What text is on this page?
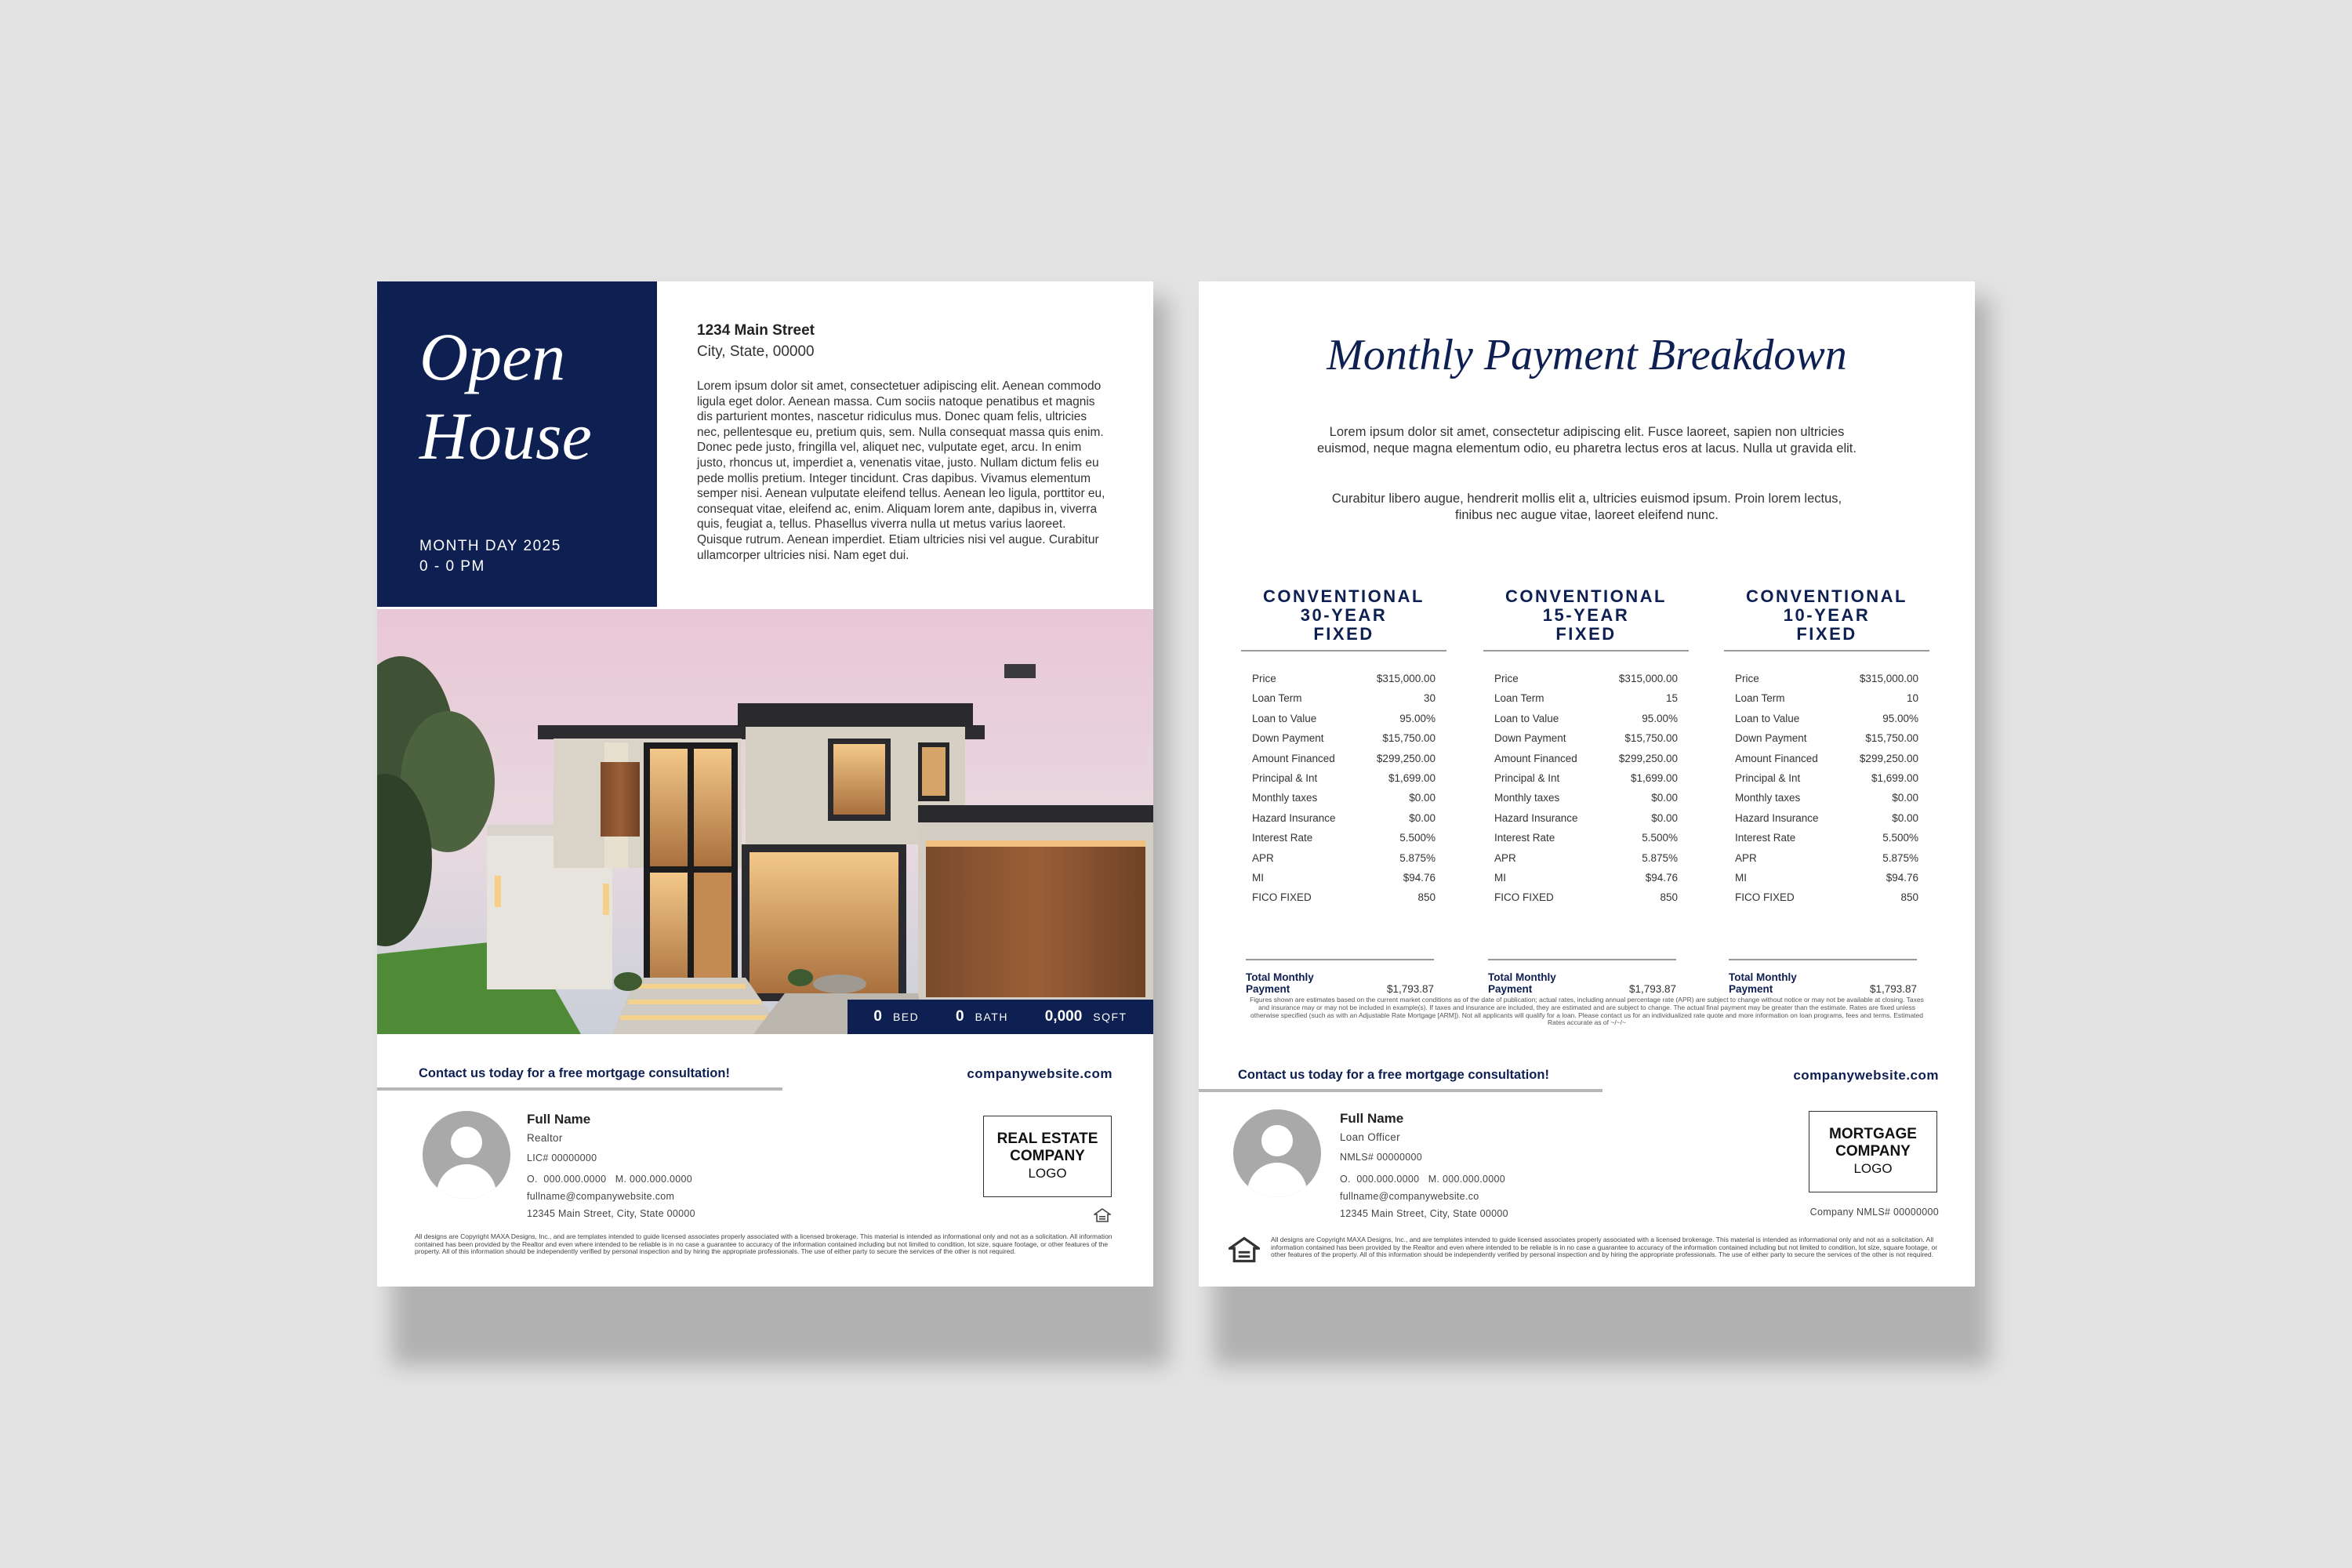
Open
House
MONTH DAY 2025
0 - 0 PM
1234 Main Street
City, State, 00000

Lorem ipsum dolor sit amet, consectetuer adipiscing elit. Aenean commodo ligula eget dolor. Aenean massa. Cum sociis natoque penatibus et magnis dis parturient montes, nascetur ridiculus mus. Donec quam felis, ultricies nec, pellentesque eu, pretium quis, sem. Nulla consequat massa quis enim. Donec pede justo, fringilla vel, aliquet nec, vulputate eget, arcu. In enim justo, rhoncus ut, imperdiet a, venenatis vitae, justo. Nullam dictum felis eu pede mollis pretium. Integer tincidunt. Cras dapibus. Vivamus elementum semper nisi. Aenean vulputate eleifend tellus. Aenean leo ligula, porttitor eu, consequat vitae, eleifend ac, enim. Aliquam lorem ante, dapibus in, viverra quis, feugiat a, tellus. Phasellus viverra nulla ut metus varius laoreet. Quisque rutrum. Aenean imperdiet. Etiam ultricies nisi vel augue. Curabitur ullamcorper ultricies nisi. Nam eget dui.

0 BED 0 BATH 0,000 SQFT
Contact us today for a free mortgage consultation!	companywebsite.com
Full Name
Realtor
LIC# 00000000
O.  000.000.0000   M. 000.000.0000
fullname@companywebsite.com
12345 Main Street, City, State 00000
REAL ESTATE
COMPANY
LOGO

All designs are Copyright MAXA Designs, Inc., and are templates intended to guide licensed associates properly associated with a licensed brokerage. This material is intended as informational only and not as a solicitation. All information contained has been provided by the Realtor and even where intended to be reliable is in no case a guarantee to accuracy of the information contained including but not limited to condition, lot size, square footage, or other features of the property. All of this information should be independently verified by personal inspection and by hiring the appropriate professionals. The use of either party to secure the services of the other is not required.

Monthly Payment Breakdown

Lorem ipsum dolor sit amet, consectetur adipiscing elit. Fusce laoreet, sapien non ultricies euismod, neque magna elementum odio, eu pharetra lectus eros at lacus. Nulla ut gravida elit.

Curabitur libero augue, hendrerit mollis elit a, ultricies euismod ipsum. Proin lorem lectus, finibus nec augue vitae, laoreet eleifend nunc.

CONVENTIONAL
30-YEAR
FIXED
Price	$315,000.00
Loan Term	30
Loan to Value	95.00%
Down Payment	$15,750.00
Amount Financed	$299,250.00
Principal & Int	$1,699.00
Monthly taxes	$0.00
Hazard Insurance	$0.00
Interest Rate	5.500%
APR	5.875%
MI	$94.76
FICO FIXED	850
Total Monthly Payment	$1,793.87
CONVENTIONAL
15-YEAR
FIXED
Price	$315,000.00
Loan Term	15
Loan to Value	95.00%
Down Payment	$15,750.00
Amount Financed	$299,250.00
Principal & Int	$1,699.00
Monthly taxes	$0.00
Hazard Insurance	$0.00
Interest Rate	5.500%
APR	5.875%
MI	$94.76
FICO FIXED	850
Total Monthly Payment	$1,793.87
CONVENTIONAL
10-YEAR
FIXED
Price	$315,000.00
Loan Term	10
Loan to Value	95.00%
Down Payment	$15,750.00
Amount Financed	$299,250.00
Principal & Int	$1,699.00
Monthly taxes	$0.00
Hazard Insurance	$0.00
Interest Rate	5.500%
APR	5.875%
MI	$94.76
FICO FIXED	850
Total Monthly Payment	$1,793.87

Figures shown are estimates based on the current market conditions as of the date of publication; actual rates, including annual percentage rate (APR) are subject to change without notice or may not be available at closing. Taxes and insurance may or may not be included in example(s). If taxes and insurance are included, they are estimated and are subject to change. The actual final payment may be greater than the estimate. Rates are fixed unless otherwise specified (such as with an Adjustable Rate Mortgage [ARM]). Not all applicants will qualify for a loan. Please contact us for an individualized rate quote and more information on loan programs, fees and terms. Estimated Rates accurate as of ~/~/~

Contact us today for a free mortgage consultation!	companywebsite.com
Full Name
Loan Officer
NMLS# 00000000
O.  000.000.0000   M. 000.000.0000
fullname@companywebsite.co
12345 Main Street, City, State 00000
MORTGAGE
COMPANY
LOGO
Company NMLS# 00000000

All designs are Copyright MAXA Designs, Inc., and are templates intended to guide licensed associates properly associated with a licensed brokerage. This material is intended as informational only and not as a solicitation. All information contained has been provided by the Realtor and even where intended to be reliable is in no case a guarantee to accuracy of the information contained including but not limited to condition, lot size, square footage, or other features of the property. All of this information should be independently verified by personal inspection and by hiring the appropriate professionals. The use of either party to secure the services of the other is not required.
